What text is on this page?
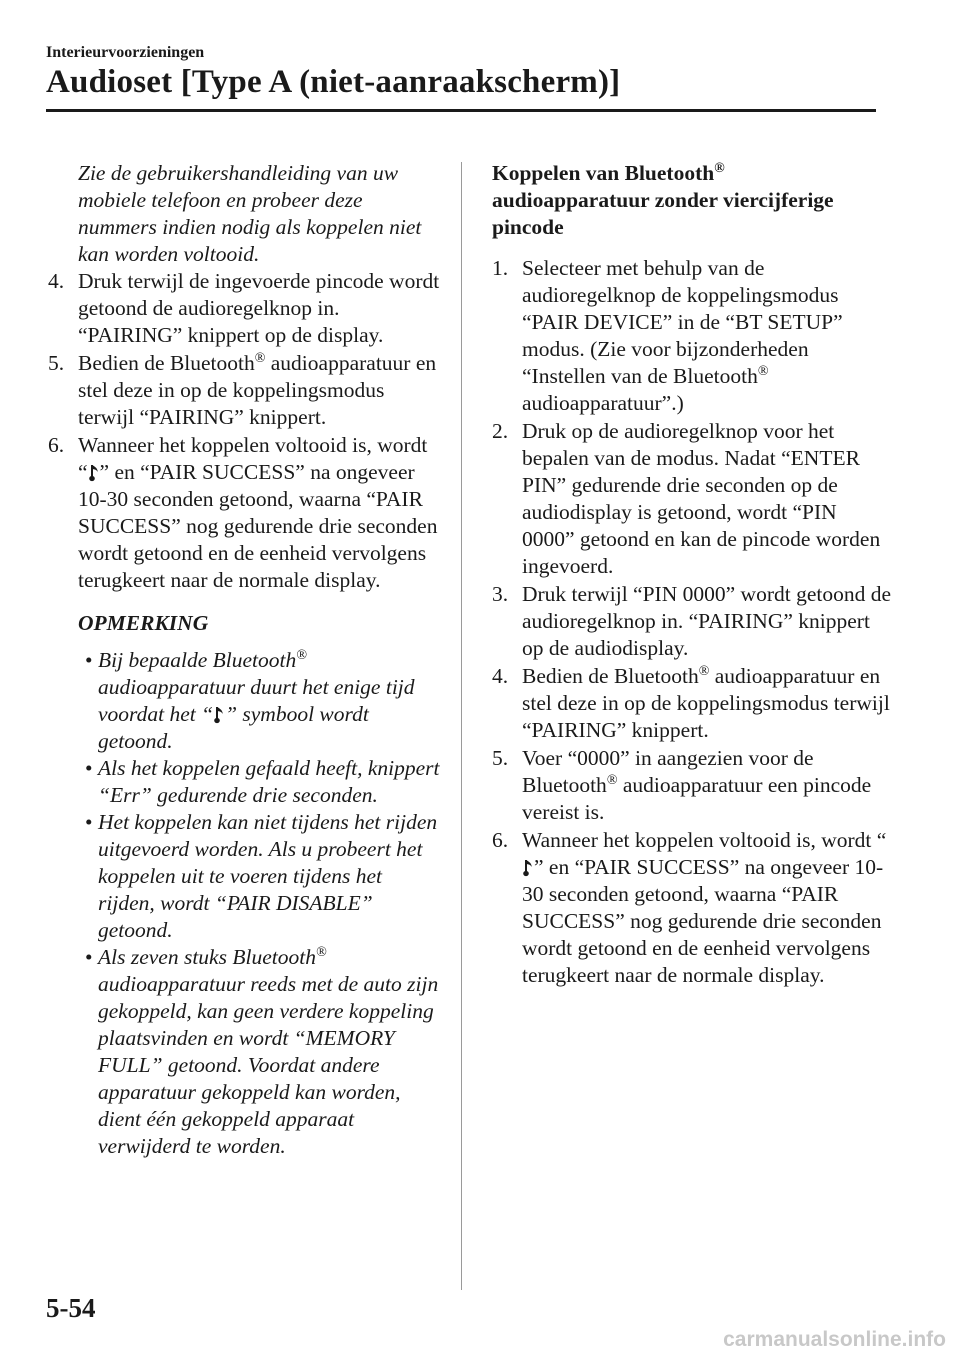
Interieurvoorzieningen
Audioset [Type A (niet-aanraakscherm)]

Zie de gebruikershandleiding van uw mobiele telefoon en probeer deze nummers indien nodig als koppelen niet kan worden voltooid.

4. Druk terwijl de ingevoerde pincode wordt getoond de audioregelknop in. “PAIRING” knippert op de display.
5. Bedien de Bluetooth® audioapparatuur en stel deze in op de koppelingsmodus terwijl “PAIRING” knippert.
6. Wanneer het koppelen voltooid is, wordt “ ” en “PAIR SUCCESS” na ongeveer 10-30 seconden getoond, waarna “PAIR SUCCESS” nog gedurende drie seconden wordt getoond en de eenheid vervolgens terugkeert naar de normale display.
OPMERKING
• Bij bepaalde Bluetooth® audioapparatuur duurt het enige tijd voordat het “ ” symbool wordt getoond.
• Als het koppelen gefaald heeft, knippert “Err” gedurende drie seconden.
• Het koppelen kan niet tijdens het rijden uitgevoerd worden. Als u probeert het koppelen uit te voeren tijdens het rijden, wordt “PAIR DISABLE” getoond.
• Als zeven stuks Bluetooth® audioapparatuur reeds met de auto zijn gekoppeld, kan geen verdere koppeling plaatsvinden en wordt “MEMORY FULL” getoond. Voordat andere apparatuur gekoppeld kan worden, dient één gekoppeld apparaat verwijderd te worden.
Koppelen van Bluetooth®
audioapparatuur zonder viercijferige pincode
1. Selecteer met behulp van de audioregelknop de koppelingsmodus “PAIR DEVICE” in de “BT SETUP” modus. (Zie voor bijzonderheden “Instellen van de Bluetooth® audioapparatuur”.)
2. Druk op de audioregelknop voor het bepalen van de modus. Nadat “ENTER PIN” gedurende drie seconden op de audiodisplay is getoond, wordt “PIN 0000” getoond en kan de pincode worden ingevoerd.
3. Druk terwijl “PIN 0000” wordt getoond de audioregelknop in. “PAIRING” knippert op de audiodisplay.
4. Bedien de Bluetooth® audioapparatuur en stel deze in op de koppelingsmodus terwijl “PAIRING” knippert.
5. Voer “0000” in aangezien voor de Bluetooth® audioapparatuur een pincode vereist is.
6. Wanneer het koppelen voltooid is, wordt “” en “PAIR SUCCESS” na ongeveer 10-30 seconden getoond, waarna “PAIR SUCCESS” nog gedurende drie seconden wordt getoond en de eenheid vervolgens terugkeert naar de normale display.
5-54
carmanualsonline.info
